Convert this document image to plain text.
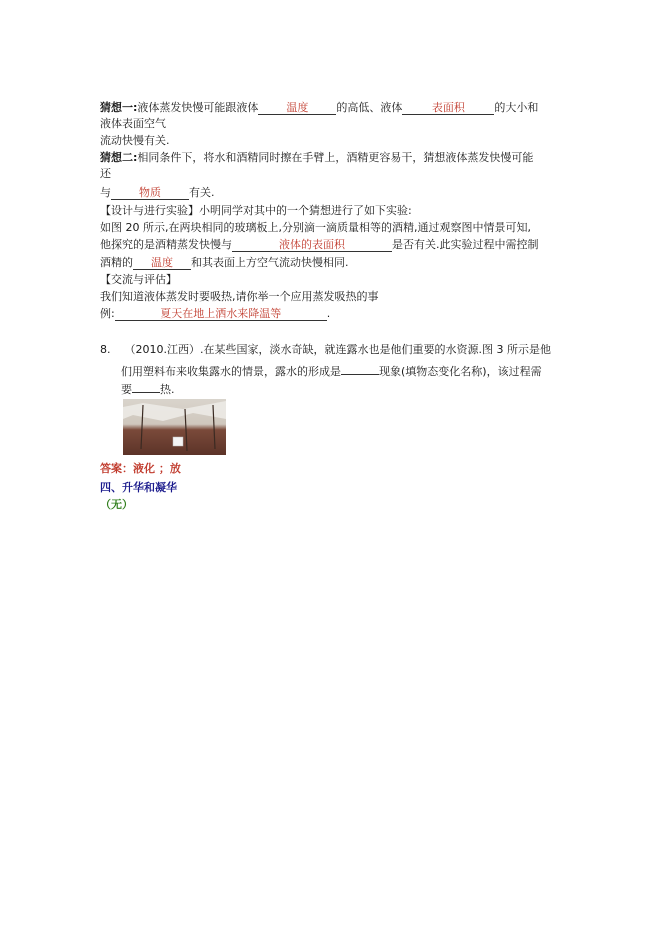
猜想一:液体蒸发快慢可能跟液体	温度	的高低、液体	表面积	的大小和
液体表面空气
流动快慢有关.
猜想二:相同条件下，将水和酒精同时擦在手臂上，酒精更容易干，猜想液体蒸发快慢可能
还
与	物质	有关.
【设计与进行实验】小明同学对其中的一个猜想进行了如下实验:
如图 20 所示,在两块相同的玻璃板上,分别滴一滴质量相等的酒精,通过观察图中情景可知,
他探究的是酒精蒸发快慢与	液体的表面积	是否有关.此实验过程中需控制
酒精的 温度 和其表面上方空气流动快慢相同.
【交流与评估】
我们知道液体蒸发时要吸热,请你举一个应用蒸发吸热的事
例:	夏天在地上洒水来降温等	.
8. （2010.江西）.在某些国家，淡水奇缺，就连露水也是他们重要的水资源.图 3 所示是他
们用塑料布来收集露水的情景，露水的形成是	现象(填物态变化名称)，该过程需
要	热.
答案：液化 ；放
四、升华和凝华
（无）
